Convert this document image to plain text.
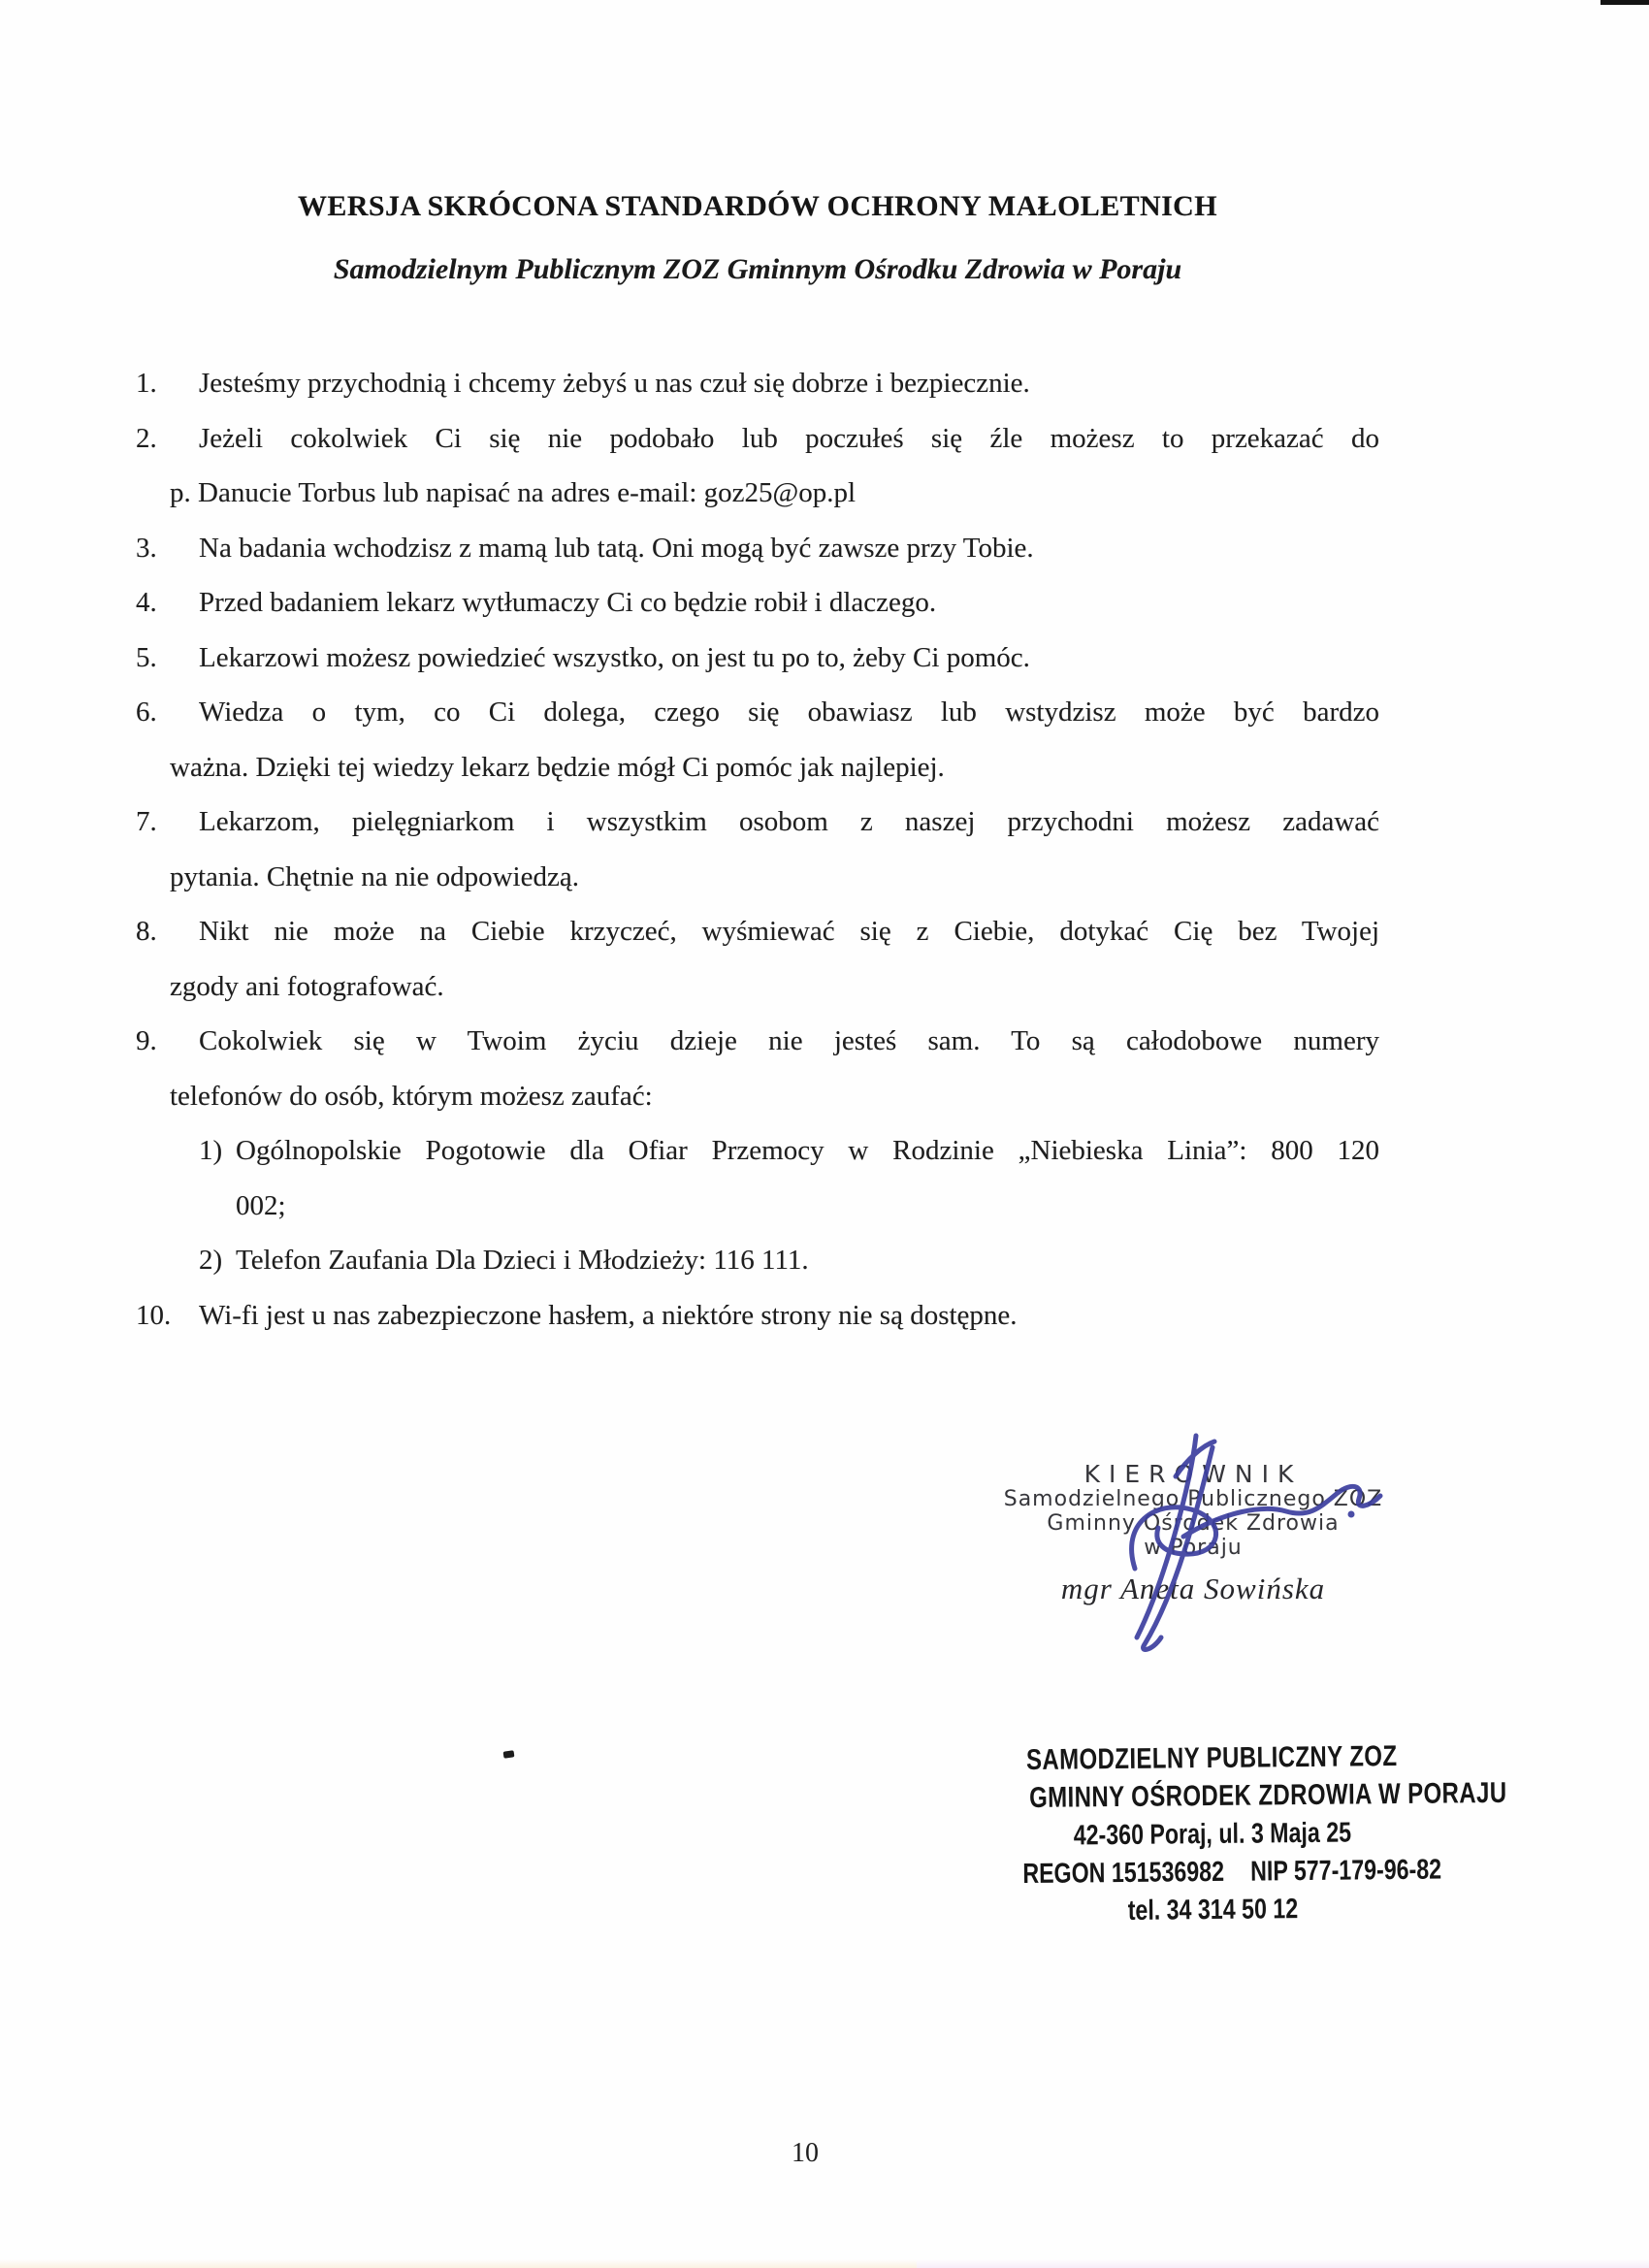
WERSJA SKRÓCONA STANDARDÓW OCHRONY MAŁOLETNICH
Samodzielnym Publicznym ZOZ Gminnym Ośrodku Zdrowia w Poraju
1. Jesteśmy przychodnią i chcemy żebyś u nas czuł się dobrze i bezpiecznie.
2. Jeżeli cokolwiek Ci się nie podobało lub poczułeś się źle możesz to przekazać do
p. Danucie Torbus lub napisać na adres e-mail: goz25@op.pl
3. Na badania wchodzisz z mamą lub tatą. Oni mogą być zawsze przy Tobie.
4. Przed badaniem lekarz wytłumaczy Ci co będzie robił i dlaczego.
5. Lekarzowi możesz powiedzieć wszystko, on jest tu po to, żeby Ci pomóc.
6. Wiedza o tym, co Ci dolega, czego się obawiasz lub wstydzisz może być bardzo
ważna. Dzięki tej wiedzy lekarz będzie mógł Ci pomóc jak najlepiej.
7. Lekarzom, pielęgniarkom i wszystkim osobom z naszej przychodni możesz zadawać
pytania. Chętnie na nie odpowiedzą.
8. Nikt nie może na Ciebie krzyczeć, wyśmiewać się z Ciebie, dotykać Cię bez Twojej
zgody ani fotografować.
9. Cokolwiek się w Twoim życiu dzieje nie jesteś sam. To są całodobowe numery
telefonów do osób, którym możesz zaufać:
1) Ogólnopolskie Pogotowie dla Ofiar Przemocy w Rodzinie „Niebieska Linia”: 800 120
002;
2) Telefon Zaufania Dla Dzieci i Młodzieży: 116 111.
10. Wi-fi jest u nas zabezpieczone hasłem, a niektóre strony nie są dostępne.
KIEROWNIK
Samodzielnego Publicznego ZOZ
Gminny Ośrodek Zdrowia
w Poraju
mgr Aneta Sowińska
SAMODZIELNY PUBLICZNY ZOZ
GMINNY OŚRODEK ZDROWIA W PORAJU
42-360 Poraj, ul. 3 Maja 25
REGON 151536982 NIP 577-179-96-82
tel. 34 314 50 12
10
